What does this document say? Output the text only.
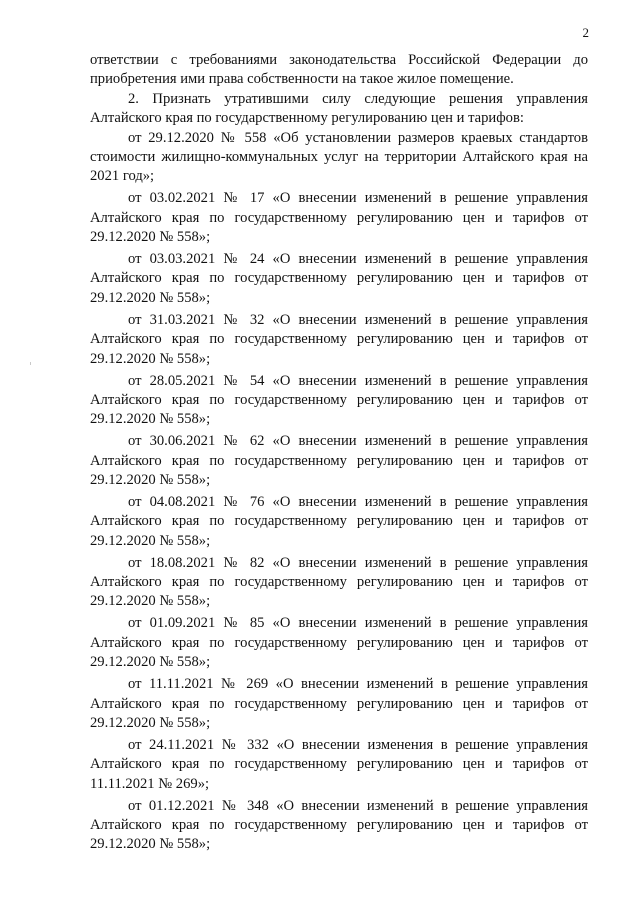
2

ответствии с требованиями законодательства Российской Федерации до приобретения ими права собственности на такое жилое помещение.

2. Признать утратившими силу следующие решения управления Алтайского края по государственному регулированию цен и тарифов:

от 29.12.2020 № 558 «Об установлении размеров краевых стандартов стоимости жилищно-коммунальных услуг на территории Алтайского края на 2021 год»;

от 03.02.2021 № 17 «О внесении изменений в решение управления Алтайского края по государственному регулированию цен и тарифов от 29.12.2020 № 558»;

от 03.03.2021 № 24 «О внесении изменений в решение управления Алтайского края по государственному регулированию цен и тарифов от 29.12.2020 № 558»;

от 31.03.2021 № 32 «О внесении изменений в решение управления Алтайского края по государственному регулированию цен и тарифов от 29.12.2020 № 558»;

от 28.05.2021 № 54 «О внесении изменений в решение управления Алтайского края по государственному регулированию цен и тарифов от 29.12.2020 № 558»;

от 30.06.2021 № 62 «О внесении изменений в решение управления Алтайского края по государственному регулированию цен и тарифов от 29.12.2020 № 558»;

от 04.08.2021 № 76 «О внесении изменений в решение управления Алтайского края по государственному регулированию цен и тарифов от 29.12.2020 № 558»;

от 18.08.2021 № 82 «О внесении изменений в решение управления Алтайского края по государственному регулированию цен и тарифов от 29.12.2020 № 558»;

от 01.09.2021 № 85 «О внесении изменений в решение управления Алтайского края по государственному регулированию цен и тарифов от 29.12.2020 № 558»;

от 11.11.2021 № 269 «О внесении изменений в решение управления Алтайского края по государственному регулированию цен и тарифов от 29.12.2020 № 558»;

от 24.11.2021 № 332 «О внесении изменения в решение управления Алтайского края по государственному регулированию цен и тарифов от 11.11.2021 № 269»;

от 01.12.2021 № 348 «О внесении изменений в решение управления Алтайского края по государственному регулированию цен и тарифов от 29.12.2020 № 558»;
